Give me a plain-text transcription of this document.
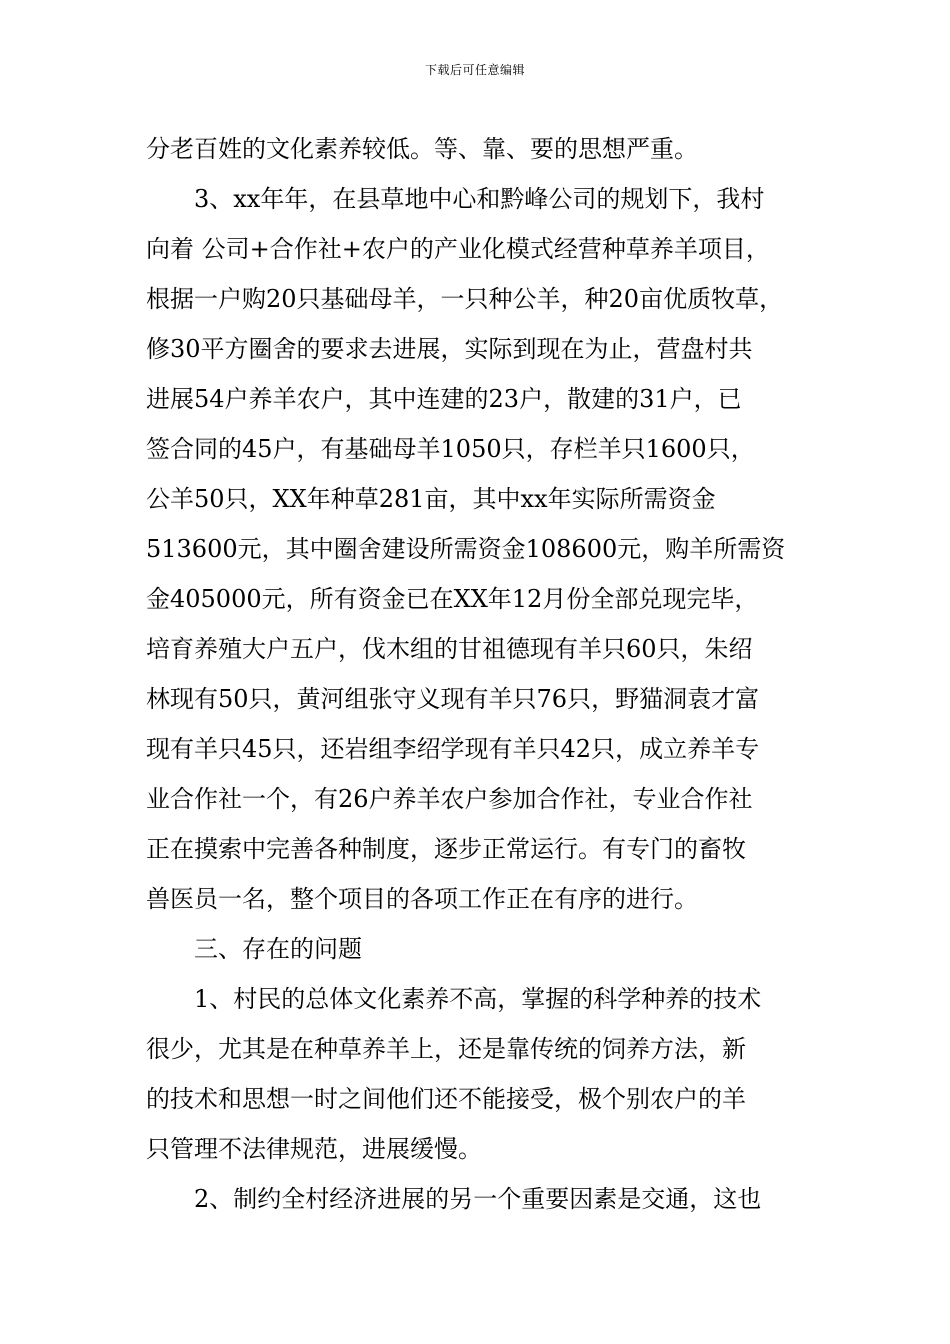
下载后可任意编辑
分老百姓的文化素养较低。等、靠、要的思想严重。
3、xx年年，在县草地中心和黔峰公司的规划下，我村
向着 公司+合作社+农户的产业化模式经营种草养羊项目，
根据一户购20只基础母羊，一只种公羊，种20亩优质牧草，
修30平方圈舍的要求去进展，实际到现在为止，营盘村共
进展54户养羊农户，其中连建的23户，散建的31户，已
签合同的45户，有基础母羊1050只，存栏羊只1600只，
公羊50只，XX年种草281亩，其中xx年实际所需资金
513600元，其中圈舍建设所需资金108600元，购羊所需资
金405000元，所有资金已在XX年12月份全部兑现完毕，
培育养殖大户五户，伐木组的甘祖德现有羊只60只，朱绍
林现有50只，黄河组张守义现有羊只76只，野猫洞袁才富
现有羊只45只，还岩组李绍学现有羊只42只，成立养羊专
业合作社一个，有26户养羊农户参加合作社，专业合作社
正在摸索中完善各种制度，逐步正常运行。有专门的畜牧
兽医员一名，整个项目的各项工作正在有序的进行。
三、存在的问题
1、村民的总体文化素养不高，掌握的科学种养的技术
很少，尤其是在种草养羊上，还是靠传统的饲养方法，新
的技术和思想一时之间他们还不能接受，极个别农户的羊
只管理不法律规范，进展缓慢。
2、制约全村经济进展的另一个重要因素是交通，这也
